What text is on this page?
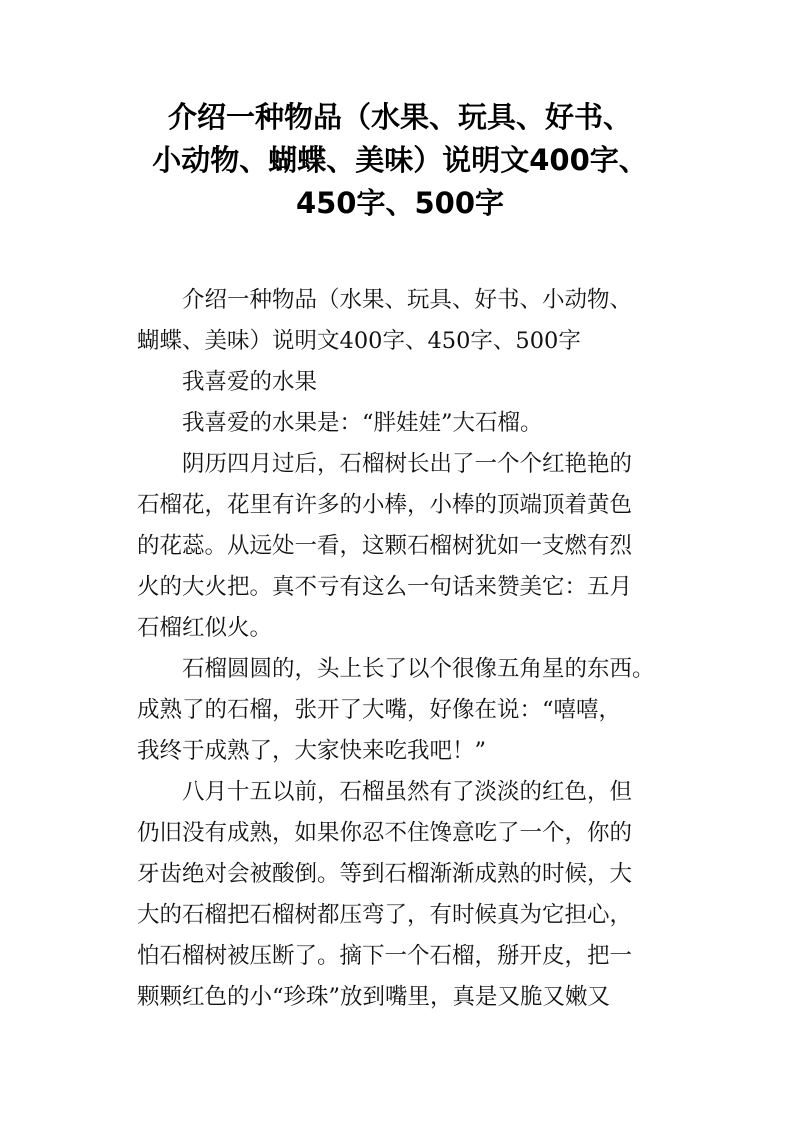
介绍一种物品（水果、玩具、好书、
小动物、蝴蝶、美味）说明文400字、
450字、500字
介绍一种物品（水果、玩具、好书、小动物、
蝴蝶、美味）说明文400字、450字、500字
我喜爱的水果
我喜爱的水果是：“胖娃娃”大石榴。
阴历四月过后，石榴树长出了一个个红艳艳的
石榴花，花里有许多的小棒，小棒的顶端顶着黄色
的花蕊。从远处一看，这颗石榴树犹如一支燃有烈
火的大火把。真不亏有这么一句话来赞美它：五月
石榴红似火。
石榴圆圆的，头上长了以个很像五角星的东西。
成熟了的石榴，张开了大嘴，好像在说：“嘻嘻，
我终于成熟了，大家快来吃我吧！”
八月十五以前，石榴虽然有了淡淡的红色，但
仍旧没有成熟，如果你忍不住馋意吃了一个，你的
牙齿绝对会被酸倒。等到石榴渐渐成熟的时候，大
大的石榴把石榴树都压弯了，有时候真为它担心，
怕石榴树被压断了。摘下一个石榴，掰开皮，把一
颗颗红色的小“珍珠”放到嘴里，真是又脆又嫩又
